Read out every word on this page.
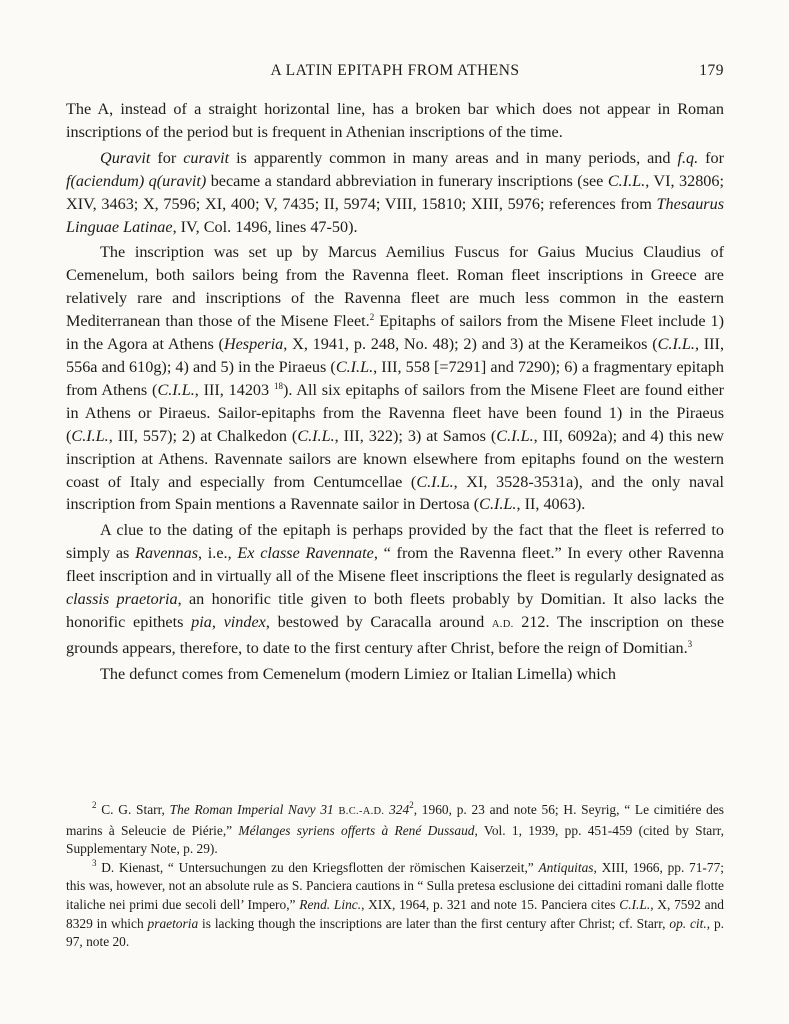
A LATIN EPITAPH FROM ATHENS	179

The A, instead of a straight horizontal line, has a broken bar which does not appear in Roman inscriptions of the period but is frequent in Athenian inscriptions of the time.

Quravit for curavit is apparently common in many areas and in many periods, and f.q. for f(aciendum) q(uravit) became a standard abbreviation in funerary inscriptions (see C.I.L., VI, 32806; XIV, 3463; X, 7596; XI, 400; V, 7435; II, 5974; VIII, 15810; XIII, 5976; references from Thesaurus Linguae Latinae, IV, Col. 1496, lines 47-50).

The inscription was set up by Marcus Aemilius Fuscus for Gaius Mucius Claudius of Cemenelum, both sailors being from the Ravenna fleet. Roman fleet inscriptions in Greece are relatively rare and inscriptions of the Ravenna fleet are much less common in the eastern Mediterranean than those of the Misene Fleet.$^2$ Epitaphs of sailors from the Misene Fleet include 1) in the Agora at Athens (Hesperia, X, 1941, p. 248, No. 48); 2) and 3) at the Kerameikos (C.I.L., III, 556a and 610g); 4) and 5) in the Piraeus (C.I.L., III, 558 [=7291] and 7290); 6) a fragmentary epitaph from Athens (C.I.L., III, 14203 $^{18}$). All six epitaphs of sailors from the Misene Fleet are found either in Athens or Piraeus. Sailor-epitaphs from the Ravenna fleet have been found 1) in the Piraeus (C.I.L., III, 557); 2) at Chalkedon (C.I.L., III, 322); 3) at Samos (C.I.L., III, 6092a); and 4) this new inscription at Athens. Ravennate sailors are known elsewhere from epitaphs found on the western coast of Italy and especially from Centumcellae (C.I.L., XI, 3528-3531a), and the only naval inscription from Spain mentions a Ravennate sailor in Dertosa (C.I.L., II, 4063).

A clue to the dating of the epitaph is perhaps provided by the fact that the fleet is referred to simply as Ravennas, i.e., Ex classe Ravennate, “ from the Ravenna fleet.” In every other Ravenna fleet inscription and in virtually all of the Misene fleet inscriptions the fleet is regularly designated as classis praetoria, an honorific title given to both fleets probably by Domitian. It also lacks the honorific epithets pia, vindex, bestowed by Caracalla around A.D. 212. The inscription on these grounds appears, therefore, to date to the first century after Christ, before the reign of Domitian.$^3$

The defunct comes from Cemenelum (modern Limiez or Italian Limella) which

$^2$ C. G. Starr, The Roman Imperial Navy 31 B.C.-A.D. $324^2$, 1960, p. 23 and note 56; H. Seyrig, “ Le cimitiére des marins à Seleucie de Piérie,” Mélanges syriens offerts à René Dussaud, Vol. 1, 1939, pp. 451-459 (cited by Starr, Supplementary Note, p. 29).

$^3$ D. Kienast, “ Untersuchungen zu den Kriegsflotten der römischen Kaiserzeit,” Antiquitas, XIII, 1966, pp. 71-77; this was, however, not an absolute rule as S. Panciera cautions in “ Sulla pretesa esclusione dei cittadini romani dalle flotte italiche nei primi due secoli dell’ Impero,” Rend. Linc., XIX, 1964, p. 321 and note 15. Panciera cites C.I.L., X, 7592 and 8329 in which praetoria is lacking though the inscriptions are later than the first century after Christ; cf. Starr, op. cit., p. 97, note 20.
